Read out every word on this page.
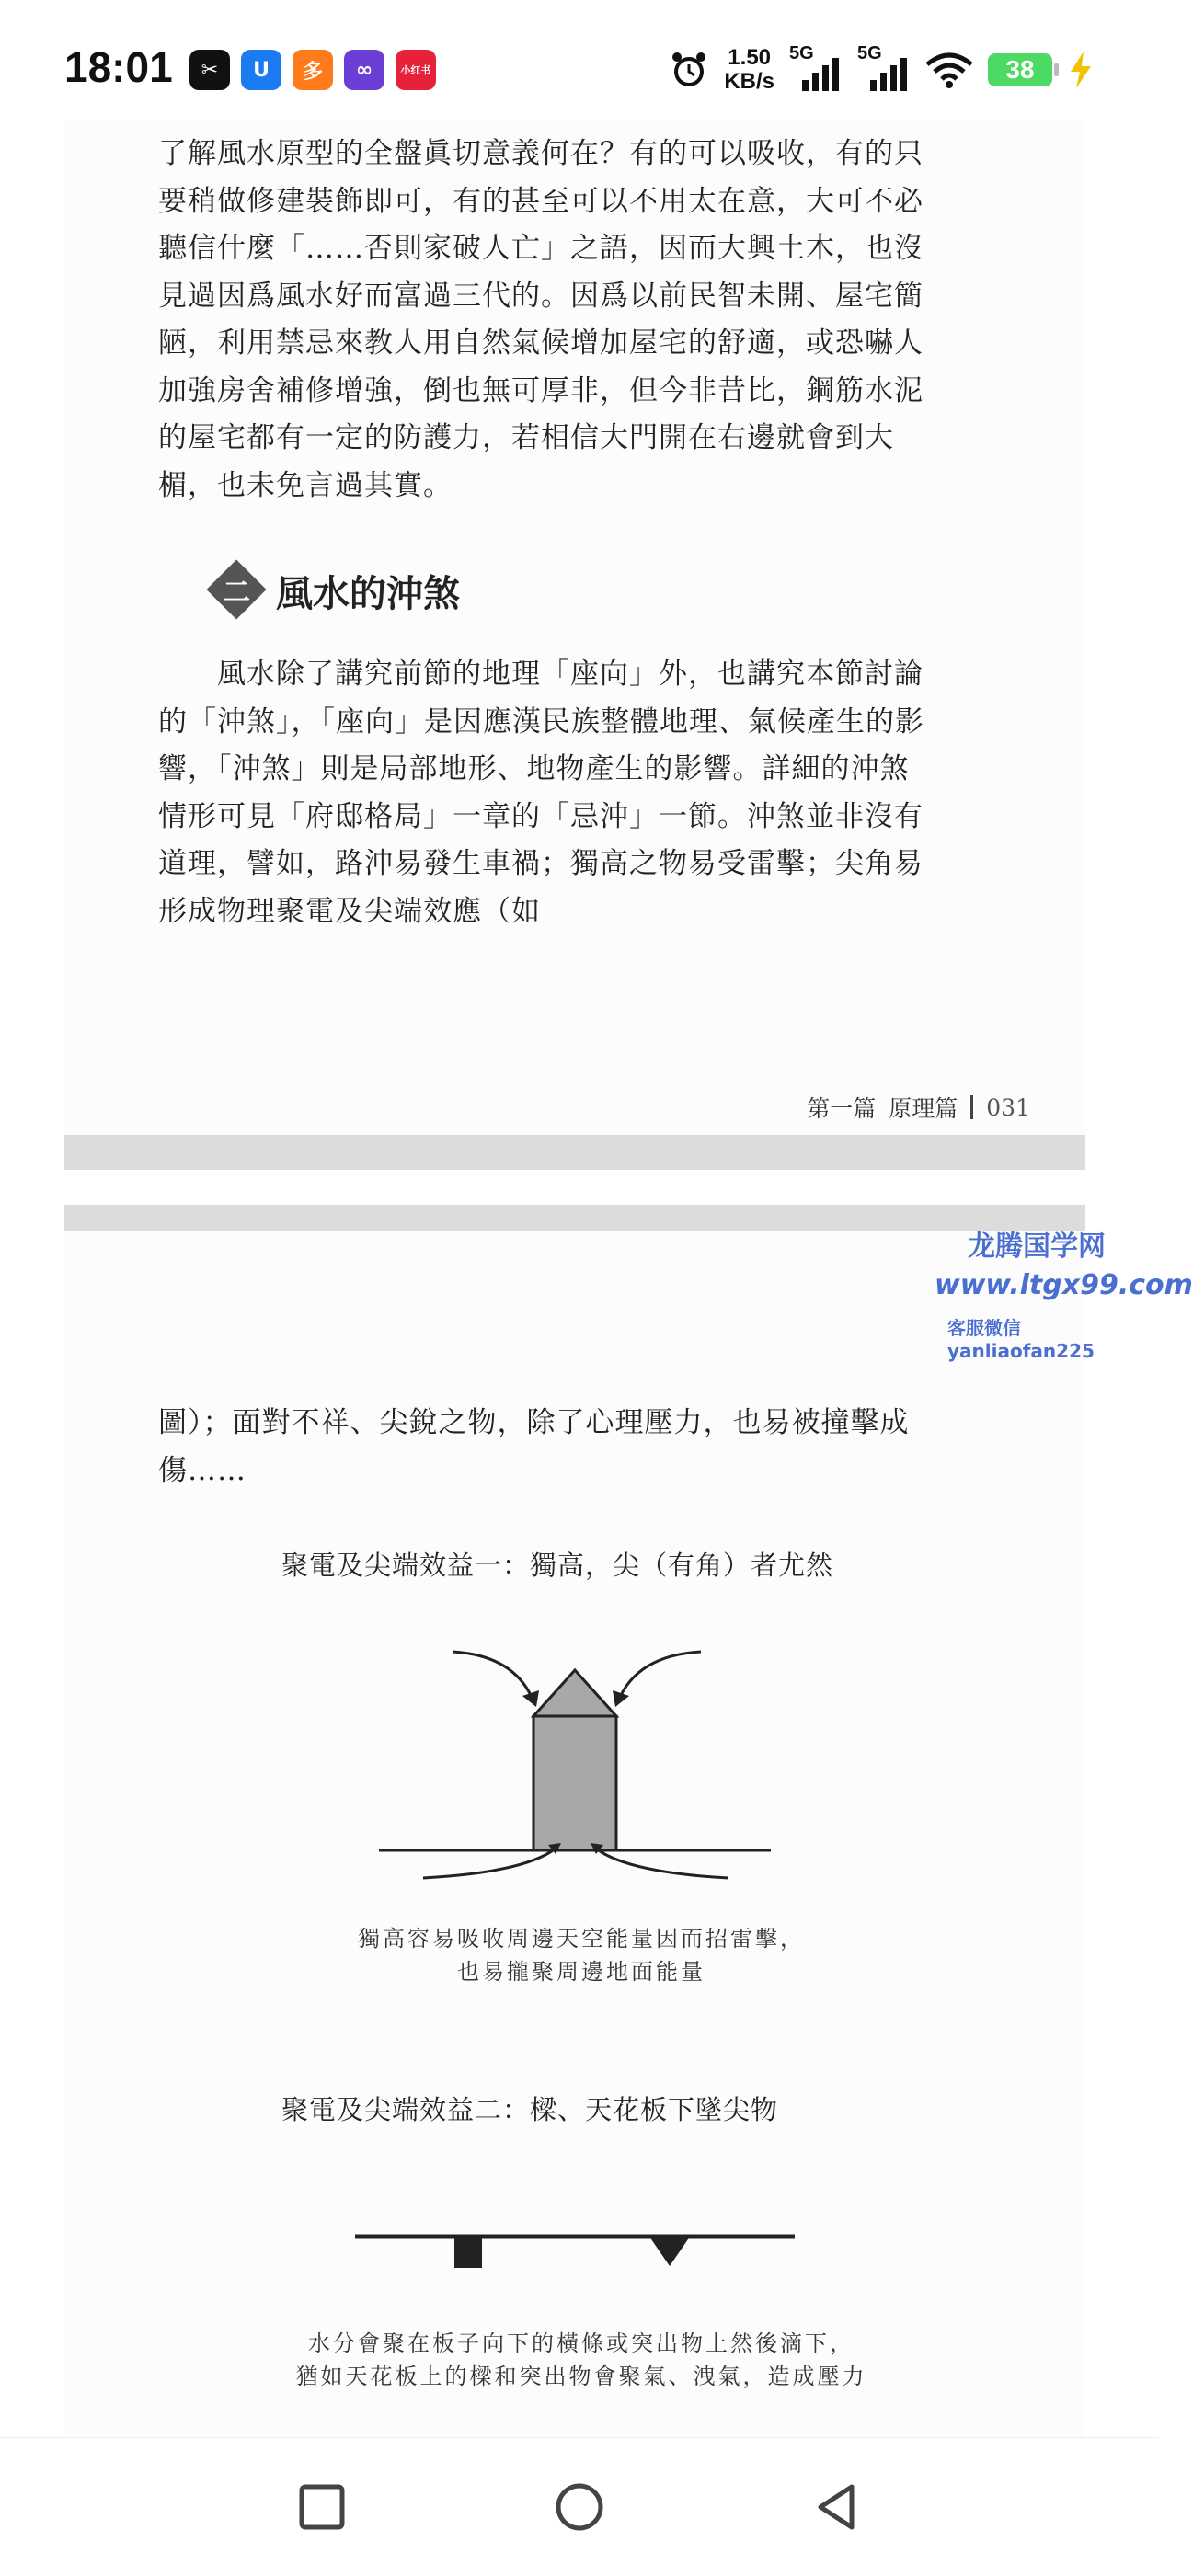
18:01	✂	U	多	∞	小红书
1.50
KB/s
5G 5G
38

了解風水原型的全盤眞切意義何在？有的可以吸收，有的只要稍做修建裝飾即可，有的甚至可以不用太在意，大可不必聽信什麼「……否則家破人亡」之語，因而大興土木，也沒見過因爲風水好而富過三代的。因爲以前民智未開、屋宅簡陋，利用禁忌來教人用自然氣候增加屋宅的舒適，或恐嚇人加強房舍補修增強，倒也無可厚非，但今非昔比，鋼筋水泥的屋宅都有一定的防護力，若相信大門開在右邊就會到大楣，也未免言過其實。

二 風水的沖煞

風水除了講究前節的地理「座向」外，也講究本節討論的「沖煞」，「座向」是因應漢民族整體地理、氣候產生的影響，「沖煞」則是局部地形、地物產生的影響。詳細的沖煞情形可見「府邸格局」一章的「忌沖」一節。沖煞並非沒有道理，譬如，路沖易發生車禍；獨高之物易受雷擊；尖角易形成物理聚電及尖端效應（如

第一篇 原理篇 031
龙腾国学网
www.ltgx99.com
客服微信 yanliaofan225

圖）；面對不祥、尖銳之物，除了心理壓力，也易被撞擊成傷……

聚電及尖端效益一：獨高，尖（有角）者尤然
獨高容易吸收周邊天空能量因而招雷擊，
也易攏聚周邊地面能量
聚電及尖端效益二：樑、天花板下墜尖物
水分會聚在板子向下的橫條或突出物上然後滴下，
猶如天花板上的樑和突出物會聚氣、洩氣，造成壓力
